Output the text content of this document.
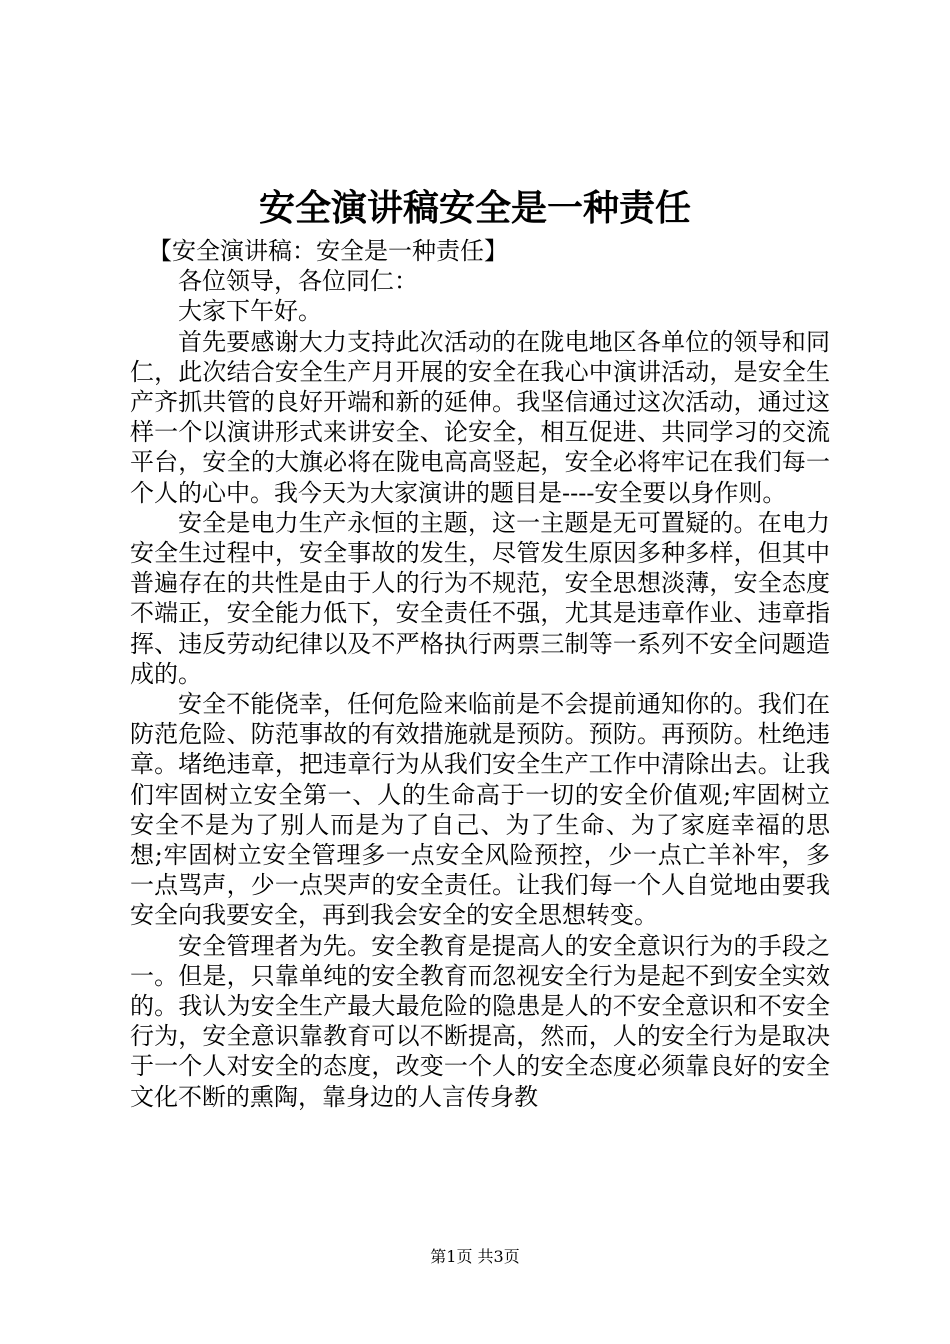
安全演讲稿安全是一种责任

【安全演讲稿：安全是一种责任】

各位领导，各位同仁：

大家下午好。

首先要感谢大力支持此次活动的在陇电地区各单位的领导和同仁，此次结合安全生产月开展的安全在我心中演讲活动，是安全生产齐抓共管的良好开端和新的延伸。我坚信通过这次活动，通过这样一个以演讲形式来讲安全、论安全，相互促进、共同学习的交流平台，安全的大旗必将在陇电高高竖起，安全必将牢记在我们每一个人的心中。我今天为大家演讲的题目是----安全要以身作则。

安全是电力生产永恒的主题，这一主题是无可置疑的。在电力安全生过程中，安全事故的发生，尽管发生原因多种多样，但其中普遍存在的共性是由于人的行为不规范，安全思想淡薄，安全态度不端正，安全能力低下，安全责任不强，尤其是违章作业、违章指挥、违反劳动纪律以及不严格执行两票三制等一系列不安全问题造成的。

安全不能侥幸，任何危险来临前是不会提前通知你的。我们在防范危险、防范事故的有效措施就是预防。预防。再预防。杜绝违章。堵绝违章，把违章行为从我们安全生产工作中清除出去。让我们牢固树立安全第一、人的生命高于一切的安全价值观;牢固树立安全不是为了别人而是为了自己、为了生命、为了家庭幸福的思想;牢固树立安全管理多一点安全风险预控，少一点亡羊补牢，多一点骂声，少一点哭声的安全责任。让我们每一个人自觉地由要我安全向我要安全，再到我会安全的安全思想转变。

安全管理者为先。安全教育是提高人的安全意识行为的手段之一。但是，只靠单纯的安全教育而忽视安全行为是起不到安全实效的。我认为安全生产最大最危险的隐患是人的不安全意识和不安全行为，安全意识靠教育可以不断提高，然而，人的安全行为是取决于一个人对安全的态度，改变一个人的安全态度必须靠良好的安全文化不断的熏陶，靠身边的人言传身教

第1页 共3页
